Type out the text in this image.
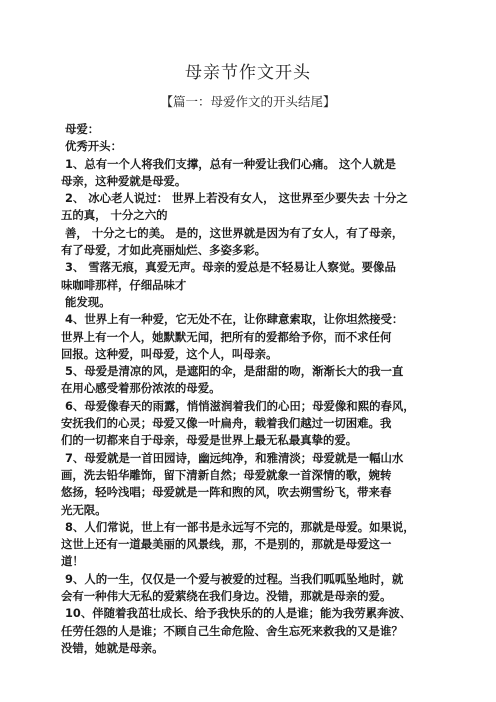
母亲节作文开头
【篇一：母爱作文的开头结尾】
母爱：
优秀开头：
1、总有一个人将我们支撑，总有一种爱让我们心痛。 这个人就是
母亲，这种爱就是母爱。
2、 冰心老人说过： 世界上若没有女人， 这世界至少要失去 十分之
五的真， 十分之六的
善， 十分之七的美。 是的，这世界就是因为有了女人，有了母亲，
有了母爱，才如此亮丽灿烂、多姿多彩。
3、 雪落无痕，真爱无声。母亲的爱总是不轻易让人察觉。要像品
味咖啡那样，仔细品味才
能发现。
4、世界上有一种爱，它无处不在，让你肆意索取，让你坦然接受：
世界上有一个人，她默默无闻，把所有的爱都给予你，而不求任何
回报。这种爱，叫母爱，这个人，叫母亲。
5、母爱是清凉的风，是遮阳的伞，是甜甜的吻，渐渐长大的我一直
在用心感受着那份浓浓的母爱。
6、母爱像春天的雨露，悄悄滋润着我们的心田；母爱像和熙的春风，
安抚我们的心灵；母爱又像一叶扁舟，载着我们越过一切困难。我
们的一切都来自于母亲，母爱是世界上最无私最真挚的爱。
7、母爱就是一首田园诗，幽远纯净，和雅清淡；母爱就是一幅山水
画，洗去铅华雕饰，留下清新自然；母爱就象一首深情的歌，婉转
悠扬，轻吟浅唱；母爱就是一阵和煦的风，吹去朔雪纷飞，带来春
光无限。
8、人们常说，世上有一部书是永远写不完的，那就是母爱。如果说，
这世上还有一道最美丽的风景线，那，不是别的，那就是母爱这一
道！
9、人的一生，仅仅是一个爱与被爱的过程。当我们呱呱坠地时，就
会有一种伟大无私的爱萦绕在我们身边。没错，那就是母亲的爱。
10、伴随着我茁壮成长、给予我快乐的的人是谁；能为我劳累奔波、
任劳任怨的人是谁；不顾自己生命危险、舍生忘死来救我的又是谁？
没错，她就是母亲。
